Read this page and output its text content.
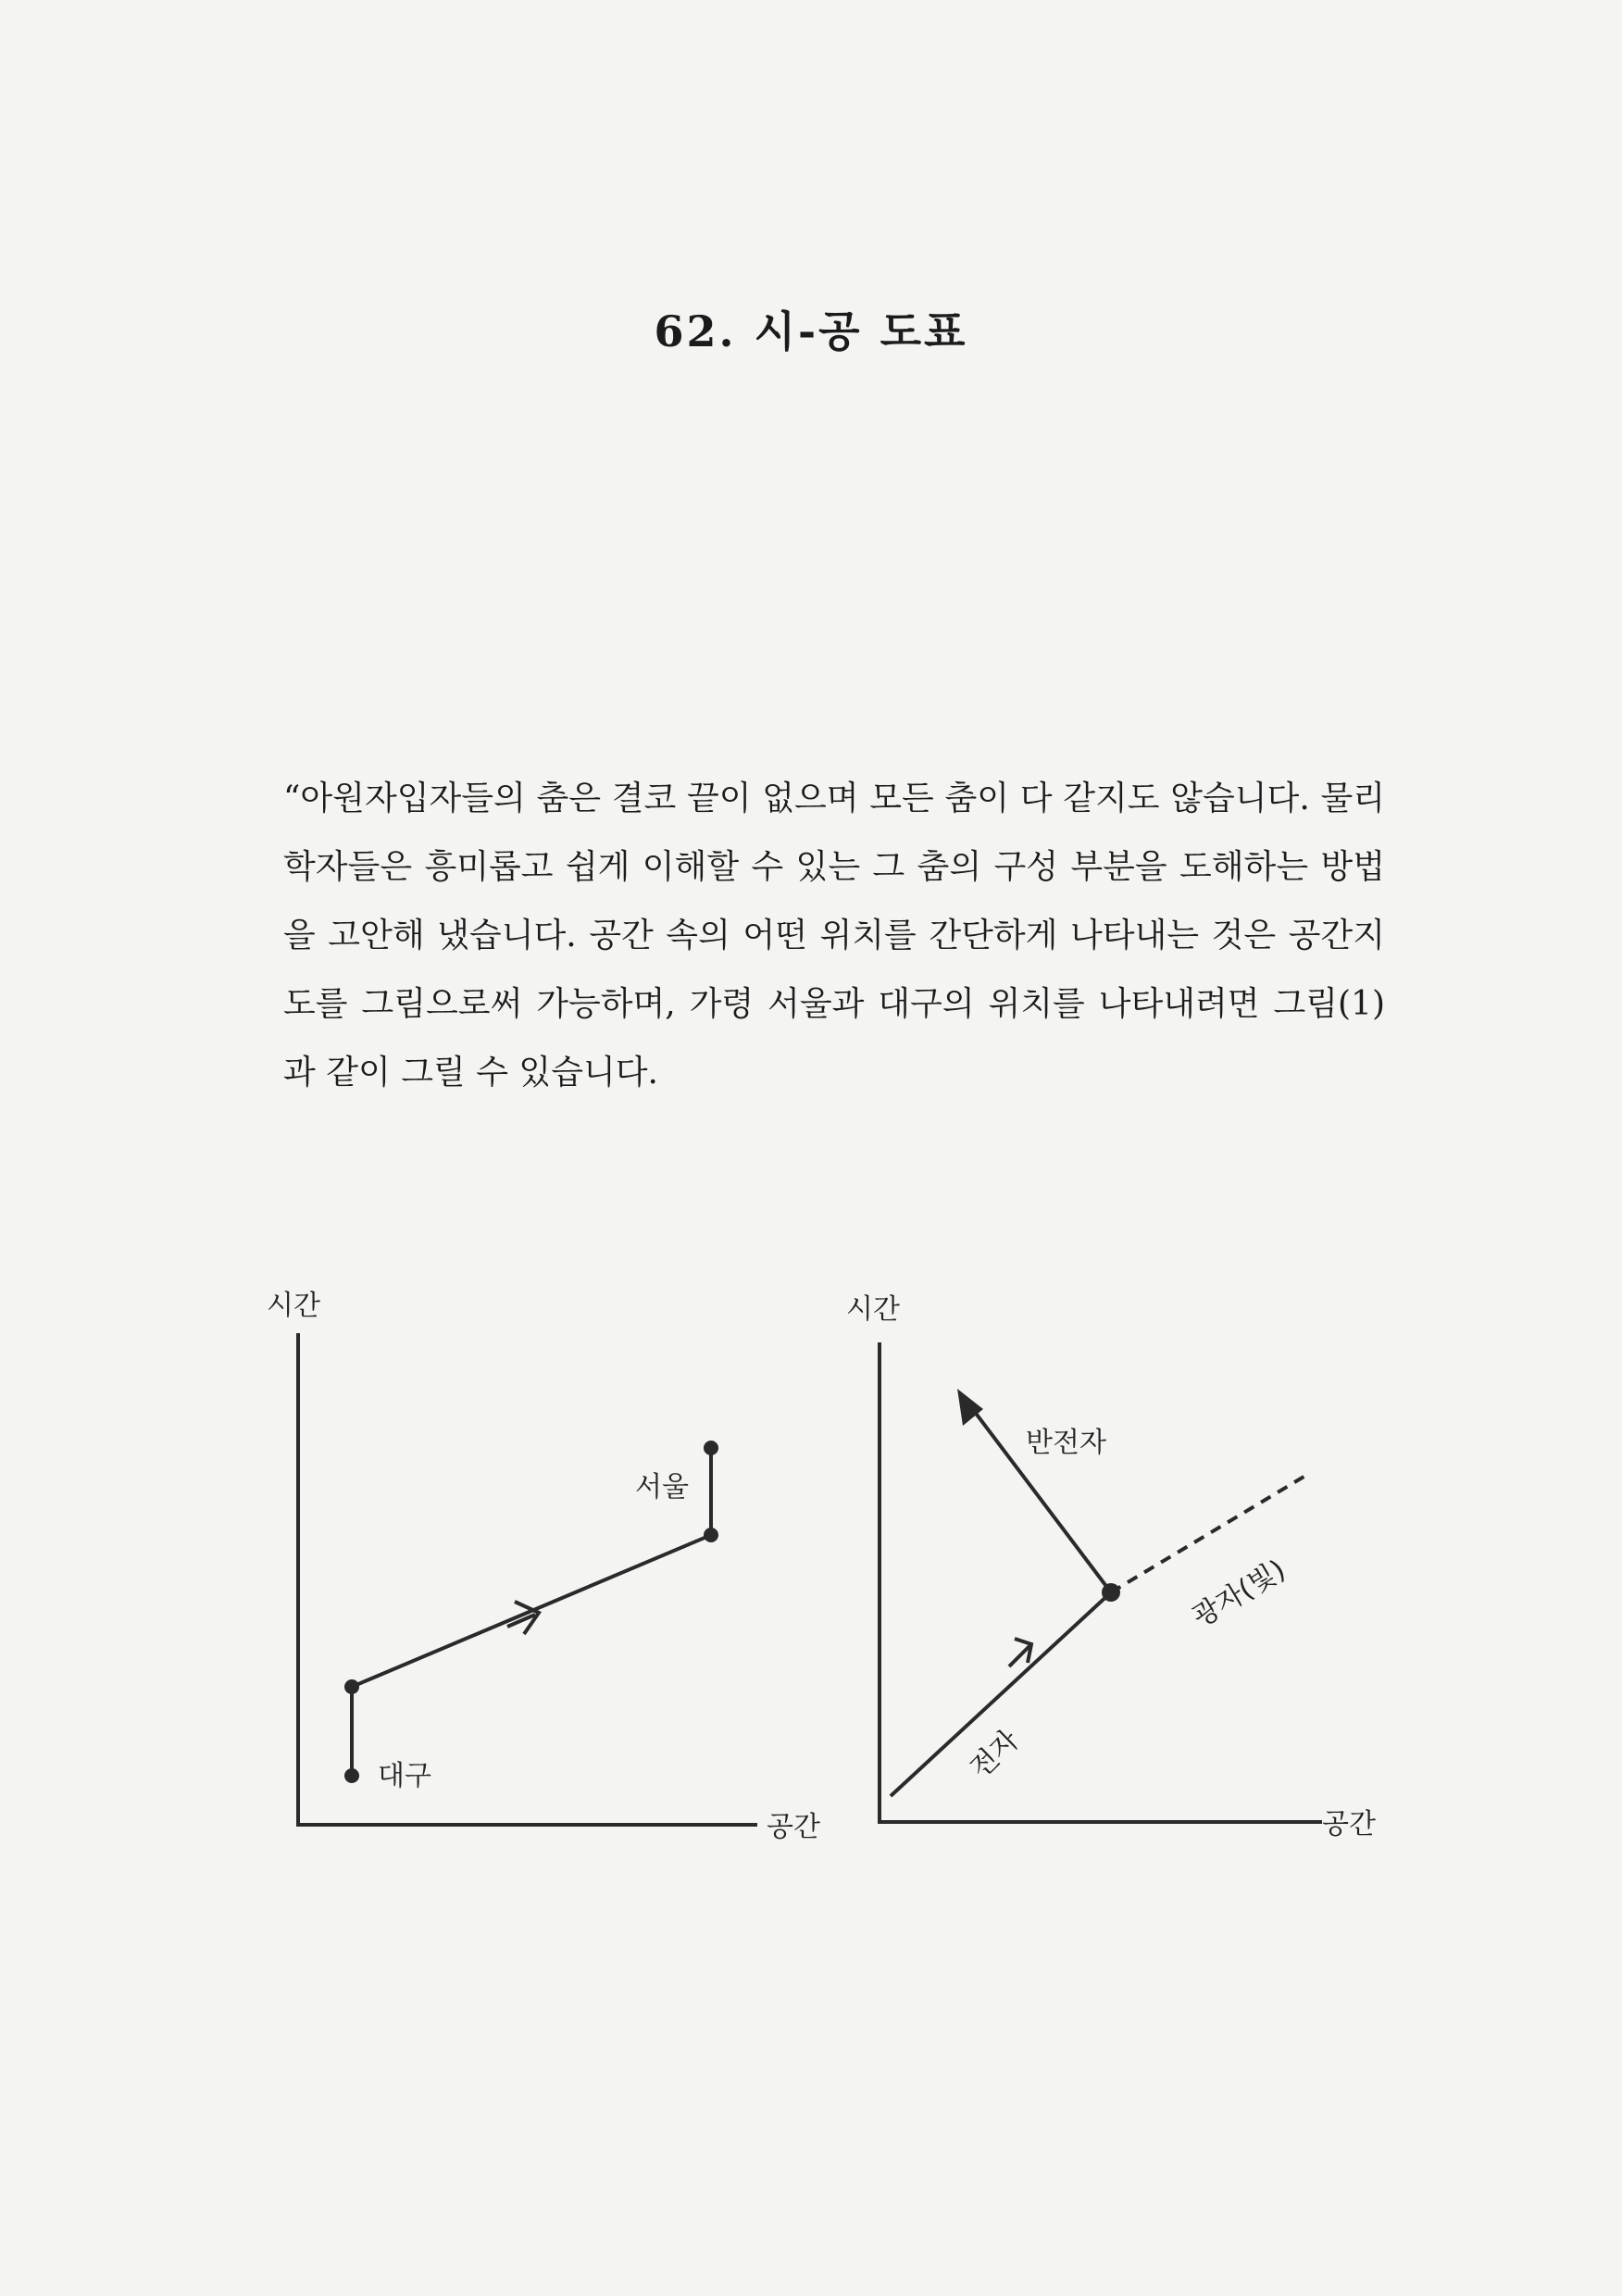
62. 시-공 도표

“아원자입자들의 춤은 결코 끝이 없으며 모든 춤이 다 같지도 않습니다. 물리학자들은 흥미롭고 쉽게 이해할 수 있는 그 춤의 구성 부분을 도해하는 방법을 고안해 냈습니다. 공간 속의 어떤 위치를 간단하게 나타내는 것은 공간지도를 그림으로써 가능하며, 가령 서울과 대구의 위치를 나타내려면 그림(1)과 같이 그릴 수 있습니다.

시간
공간
서울
대구
시간
공간
반전자
광자(빛)
전자
